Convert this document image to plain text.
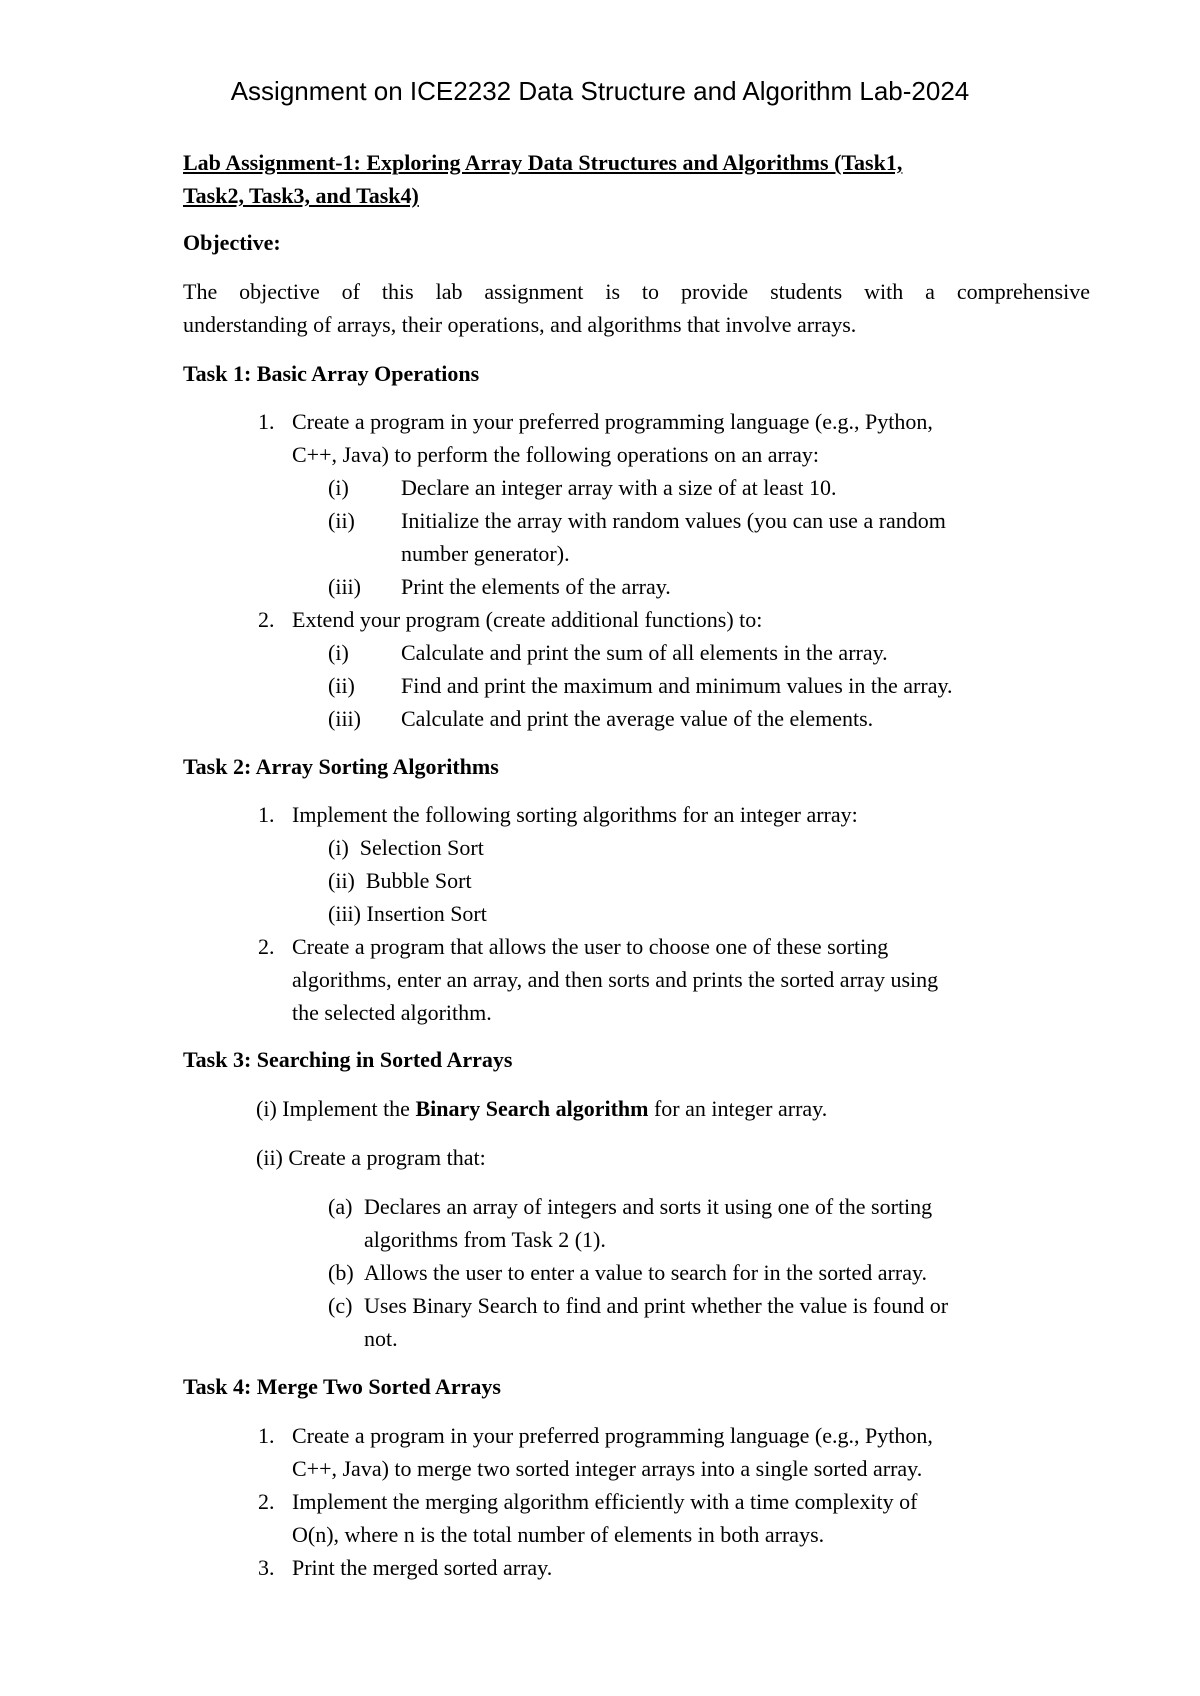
Assignment on ICE2232 Data Structure and Algorithm Lab-2024
Lab Assignment-1: Exploring Array Data Structures and Algorithms (Task1,
Task2, Task3, and Task4)
Objective:
The objective of this lab assignment is to provide students with a comprehensive
understanding of arrays, their operations, and algorithms that involve arrays.
Task 1: Basic Array Operations
1. Create a program in your preferred programming language (e.g., Python,
C++, Java) to perform the following operations on an array:
(i) Declare an integer array with a size of at least 10.
(ii) Initialize the array with random values (you can use a random
number generator).
(iii) Print the elements of the array.
2. Extend your program (create additional functions) to:
(i) Calculate and print the sum of all elements in the array.
(ii) Find and print the maximum and minimum values in the array.
(iii) Calculate and print the average value of the elements.
Task 2: Array Sorting Algorithms
1. Implement the following sorting algorithms for an integer array:
(i)  Selection Sort
(ii)  Bubble Sort
(iii) Insertion Sort
2. Create a program that allows the user to choose one of these sorting
algorithms, enter an array, and then sorts and prints the sorted array using
the selected algorithm.
Task 3: Searching in Sorted Arrays
(i) Implement the Binary Search algorithm for an integer array.
(ii) Create a program that:
(a) Declares an array of integers and sorts it using one of the sorting
algorithms from Task 2 (1).
(b) Allows the user to enter a value to search for in the sorted array.
(c) Uses Binary Search to find and print whether the value is found or
not.
Task 4: Merge Two Sorted Arrays
1. Create a program in your preferred programming language (e.g., Python,
C++, Java) to merge two sorted integer arrays into a single sorted array.
2. Implement the merging algorithm efficiently with a time complexity of
O(n), where n is the total number of elements in both arrays.
3. Print the merged sorted array.
